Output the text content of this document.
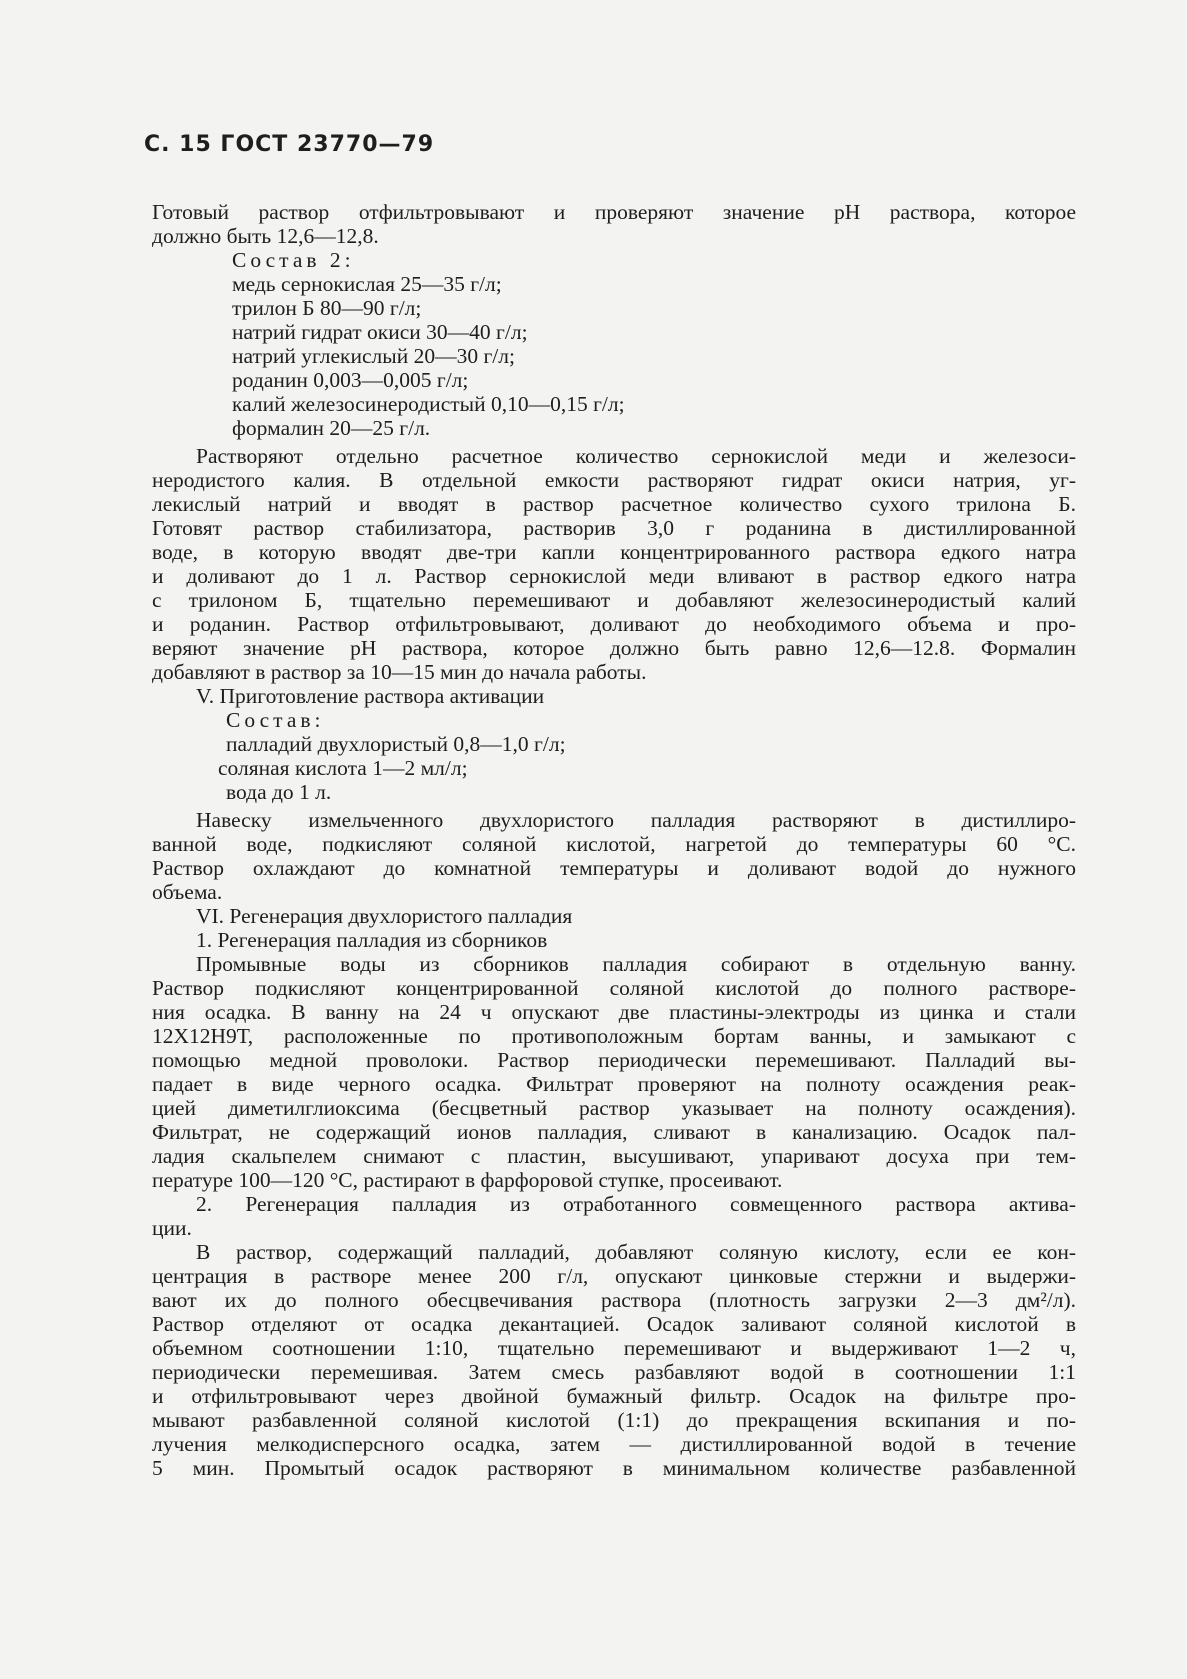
С. 15 ГОСТ 23770—79
Готовый раствор отфильтровывают и проверяют значение рН раствора, которое
должно быть 12,6—12,8.
Состав 2:
медь сернокислая 25—35 г/л;
трилон Б 80—90 г/л;
натрий гидрат окиси 30—40 г/л;
натрий углекислый 20—30 г/л;
роданин 0,003—0,005 г/л;
калий железосинеродистый 0,10—0,15 г/л;
формалин 20—25 г/л.
Растворяют отдельно расчетное количество сернокислой меди и железоси-
неродистого калия. В отдельной емкости растворяют гидрат окиси натрия, уг-
лекислый натрий и вводят в раствор расчетное количество сухого трилона Б.
Готовят раствор стабилизатора, растворив 3,0 г роданина в дистиллированной
воде, в которую вводят две-три капли концентрированного раствора едкого натра
и доливают до 1 л. Раствор сернокислой меди вливают в раствор едкого натра
с трилоном Б, тщательно перемешивают и добавляют железосинеродистый калий
и роданин. Раствор отфильтровывают, доливают до необходимого объема и про-
веряют значение рН раствора, которое должно быть равно 12,6—12.8. Формалин
добавляют в раствор за 10—15 мин до начала работы.
V. Приготовление раствора активации
Состав:
палладий двухлористый 0,8—1,0 г/л;
соляная кислота 1—2 мл/л;
вода до 1 л.
Навеску измельченного двухлористого палладия растворяют в дистиллиро-
ванной воде, подкисляют соляной кислотой, нагретой до температуры 60 °С.
Раствор охлаждают до комнатной температуры и доливают водой до нужного
объема.
VI. Регенерация двухлористого палладия
1. Регенерация палладия из сборников
Промывные воды из сборников палладия собирают в отдельную ванну.
Раствор подкисляют концентрированной соляной кислотой до полного растворе-
ния осадка. В ванну на 24 ч опускают две пластины-электроды из цинка и стали
12Х12Н9Т, расположенные по противоположным бортам ванны, и замыкают с
помощью медной проволоки. Раствор периодически перемешивают. Палладий вы-
падает в виде черного осадка. Фильтрат проверяют на полноту осаждения реак-
цией диметилглиоксима (бесцветный раствор указывает на полноту осаждения).
Фильтрат, не содержащий ионов палладия, сливают в канализацию. Осадок пал-
ладия скальпелем снимают с пластин, высушивают, упаривают досуха при тем-
пературе 100—120 °С, растирают в фарфоровой ступке, просеивают.
2. Регенерация палладия из отработанного совмещенного раствора актива-
ции.
В раствор, содержащий палладий, добавляют соляную кислоту, если ее кон-
центрация в растворе менее 200 г/л, опускают цинковые стержни и выдержи-
вают их до полного обесцвечивания раствора (плотность загрузки 2—3 дм²/л).
Раствор отделяют от осадка декантацией. Осадок заливают соляной кислотой в
объемном соотношении 1:10, тщательно перемешивают и выдерживают 1—2 ч,
периодически перемешивая. Затем смесь разбавляют водой в соотношении 1:1
и отфильтровывают через двойной бумажный фильтр. Осадок на фильтре про-
мывают разбавленной соляной кислотой (1:1) до прекращения вскипания и по-
лучения мелкодисперсного осадка, затем — дистиллированной водой в течение
5 мин. Промытый осадок растворяют в минимальном количестве разбавленной
